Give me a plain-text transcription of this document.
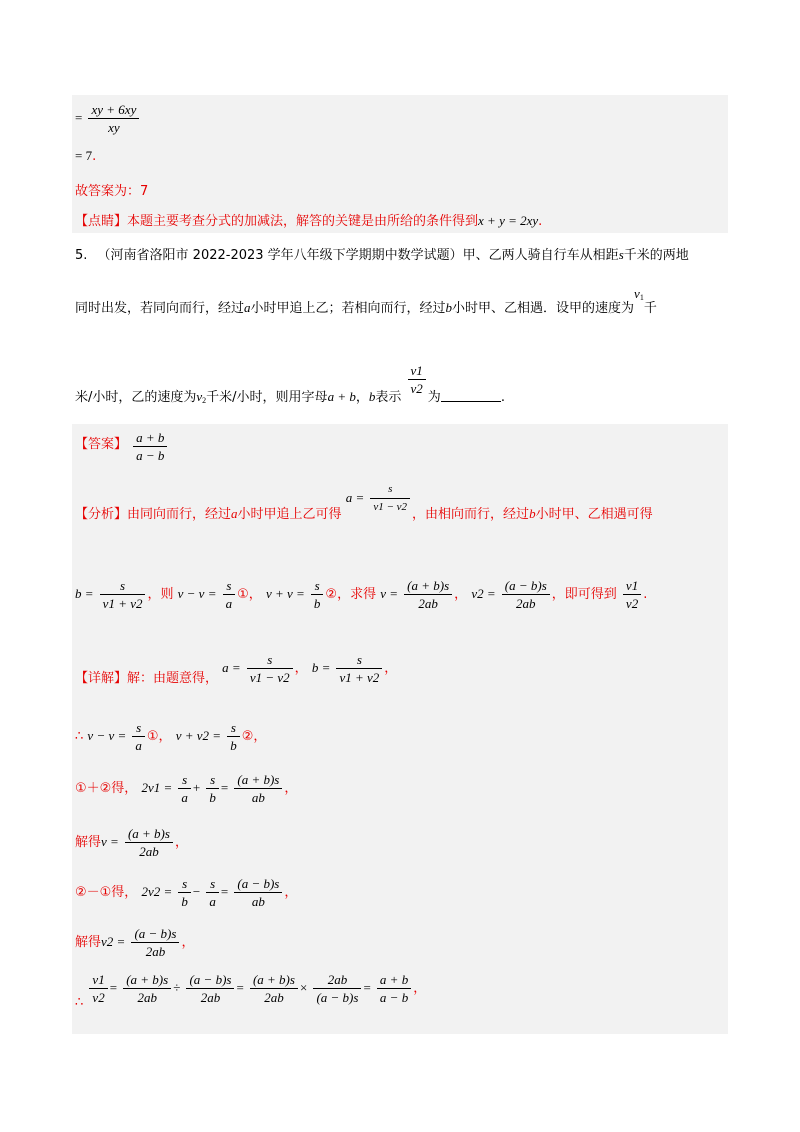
= $\frac{xy + 6xy}{xy}$
= 7.
故答案为：7
【点睛】本题主要考查分式的加减法，解答的关键是由所给的条件得到x + y = 2xy.
5. （河南省洛阳市 2022-2023 学年八年级下学期期中数学试题）甲、乙两人骑自行车从相距s千米的两地
同时出发，若同向而行，经过a小时甲追上乙；若相向而行，经过b小时甲、乙相遇．设甲的速度为$v_1$千
米/小时，乙的速度为$v_2$千米/小时，则用字母a + b，b表示
$\frac{v1}{v2}$
为	.
【答案】 $\frac{a + b}{a - b}$
【分析】由同向而行，经过a小时甲追上乙可得 $a = \frac{s}{v1 - v2}$ ，由相向而行，经过b小时甲、乙相遇可得
$b = \frac{s}{v1 + v2}$ ，则 $v - v = \frac{s}{a}$ ①， $v + v = \frac{s}{b}$ ②，求得 $v = \frac{(a + b)s}{2ab}$ ， $v2 = \frac{(a - b)s}{2ab}$ ，即可得到 $\frac{v1}{v2}$ .
【详解】解：由题意得， $a = \frac{s}{v1 - v2}$ ， $b = \frac{s}{v1 + v2}$ ，
∴ $v - v = \frac{s}{a}$ ①， $v + v2 = \frac{s}{b}$ ②，
①＋②得， $2v1 = \frac{s}{a} + \frac{s}{b} = \frac{(a + b)s}{ab}$ ，
解得$v = \frac{(a + b)s}{2ab}$ ，
②－①得， $2v2 = \frac{s}{b} - \frac{s}{a} = \frac{(a - b)s}{ab}$ ，
解得$v2 = \frac{(a - b)s}{2ab}$ ，
∴ $\frac{v1}{v2} = \frac{(a + b)s}{2ab} \div \frac{(a - b)s}{2ab} = \frac{(a + b)s}{2ab} \times \frac{2ab}{(a - b)s} = \frac{a + b}{a - b}$ ，
